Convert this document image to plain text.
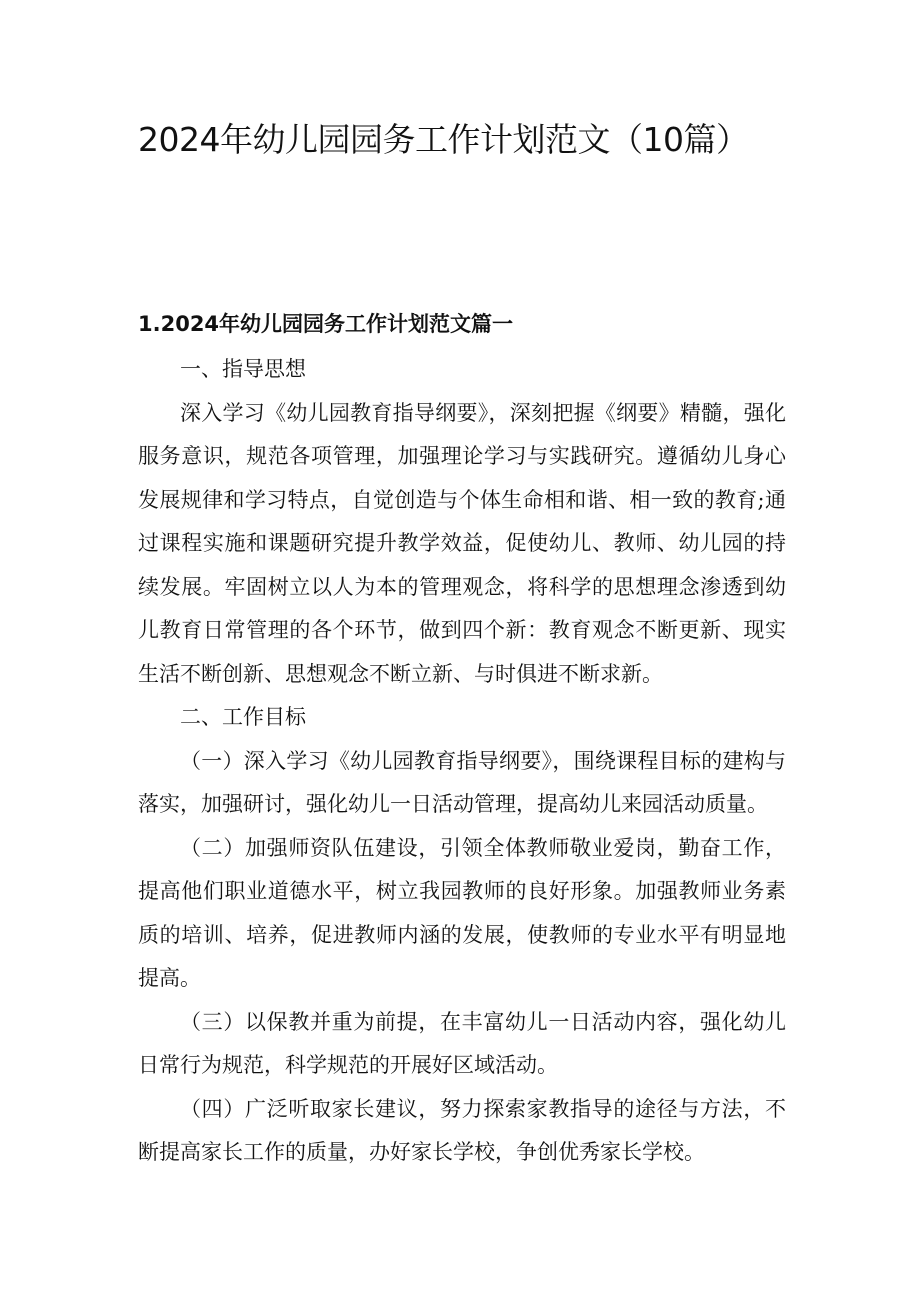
2024年幼儿园园务工作计划范文（10篇）
1.2024年幼儿园园务工作计划范文篇一

一、指导思想

深入学习《幼儿园教育指导纲要》，深刻把握《纲要》精髓，强化服务意识，规范各项管理，加强理论学习与实践研究。遵循幼儿身心发展规律和学习特点，自觉创造与个体生命相和谐、相一致的教育;通过课程实施和课题研究提升教学效益，促使幼儿、教师、幼儿园的持续发展。牢固树立以人为本的管理观念，将科学的思想理念渗透到幼儿教育日常管理的各个环节，做到四个新：教育观念不断更新、现实生活不断创新、思想观念不断立新、与时俱进不断求新。

二、工作目标

（一）深入学习《幼儿园教育指导纲要》，围绕课程目标的建构与落实，加强研讨，强化幼儿一日活动管理，提高幼儿来园活动质量。

（二）加强师资队伍建设，引领全体教师敬业爱岗，勤奋工作，提高他们职业道德水平，树立我园教师的良好形象。加强教师业务素质的培训、培养，促进教师内涵的发展，使教师的专业水平有明显地提高。

（三）以保教并重为前提，在丰富幼儿一日活动内容，强化幼儿日常行为规范，科学规范的开展好区域活动。

（四）广泛听取家长建议，努力探索家教指导的途径与方法，不断提高家长工作的质量，办好家长学校，争创优秀家长学校。
